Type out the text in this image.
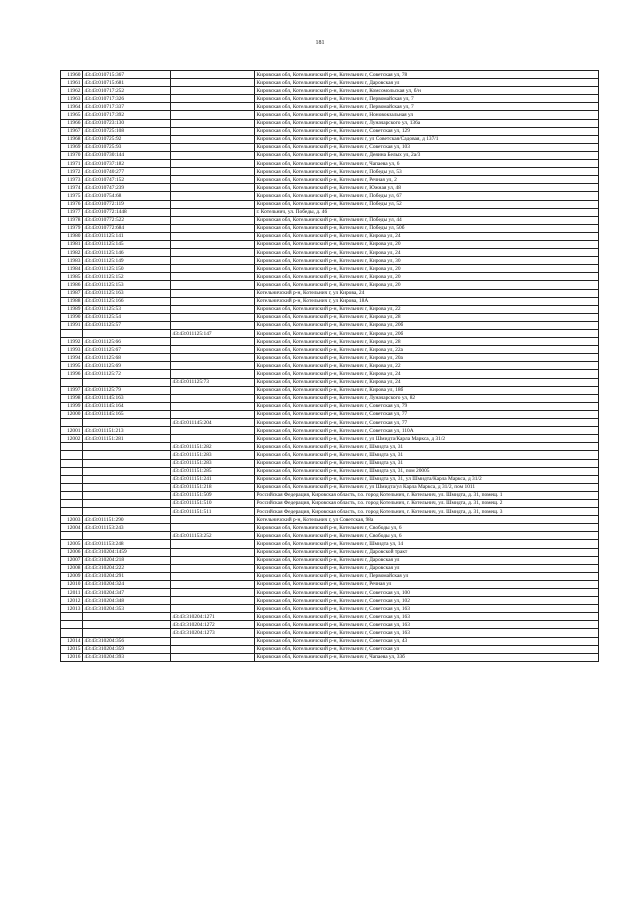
181
11960	43:43:010715:367		Кировская обл, Котельничский р-н, Котельнич г, Советская ул, 78
11961	43:43:010715:681		Кировская обл, Котельничский р-н, Котельнич г, Даровская ул
11962	43:43:010717:252		Кировская обл, Котельничский р-н, Котельнич г, Комсомольская ул, б/н
11963	43:43:010717:326		Кировская обл, Котельничский р-н, Котельнич г, Первомайская ул, 7
11964	43:43:010717:337		Кировская обл, Котельничский р-н, Котельнич г, Первомайская ул, 7
11965	43:43:010717:392		Кировская обл, Котельничский р-н, Котельнич г, Ноновокзальная ул
11966	43:43:010723:130		Кировская обл, Котельничский р-н, Котельнич г, Луначарского ул, 136а
11967	43:43:010725:108		Кировская обл, Котельничский р-н, Котельнич г, Советская ул, 129
11968	43:43:010725:92		Кировская обл, Котельничский р-н, Котельнич г, ул Советская/Садовая, д 137/1
11969	43:43:010725:93		Кировская обл, Котельничский р-н, Котельнич г, Советская ул, 103
11970	43:43:010730:144		Кировская обл, Котельничский р-н, Котельнич г, Деяина Белых ул, 2а/3
11971	43:43:010737:182		Кировская обл, Котельничский р-н, Котельнич г, Чапаева ул, 6
11972	43:43:010740:277		Кировская обл, Котельничский р-н, Котельнич г, Победы ул, 53
11973	43:43:010747:152		Кировская обл, Котельничский р-н, Котельнич г, Речная ул, 2
11974	43:43:010747:239		Кировская обл, Котельничский р-н, Котельнич г, Южная ул, 48
11975	43:43:010754:68		Кировская обл, Котельничский р-н, Котельнич г, Победы ул, 67
11976	43:43:010772:119		Кировская обл, Котельничский р-н, Котельнич г, Победы ул, 52
11977	43:43:010772:1448		г. Котельнич, ул. Победы, д. 46
11978	43:43:010772:522		Кировская обл, Котельничский р-н, Котельнич г, Победы ул, 44
11979	43:43:010772:684		Кировская обл, Котельничский р-н, Котельнич г, Победы ул, 50б
11980	43:43:011125:141		Кировская обл, Котельничский р-н, Котельнич г, Кирова ул, 24
11981	43:43:011125:145		Кировская обл, Котельничский р-н, Котельнич г, Кирова ул, 20
11982	43:43:011125:146		Кировская обл, Котельничский р-н, Котельнич г, Кирова ул, 24
11983	43:43:011125:149		Кировская обл, Котельничский р-н, Котельнич г, Кирова ул, 30
11984	43:43:011125:150		Кировская обл, Котельничский р-н, Котельнич г, Кирова ул, 20
11985	43:43:011125:152		Кировская обл, Котельничский р-н, Котельнич г, Кирова ул, 20
11986	43:43:011125:153		Кировская обл, Котельничский р-н, Котельнич г, Кирова ул, 20
11987	43:43:011125:163		Котельничский р-н, Котельнич г, ул Кирова, 24
11988	43:43:011125:166		Котельничский р-н, Котельнич г, ул Кирова, 18А
11989	43:43:011125:53		Кировская обл, Котельничский р-н, Котельнич г, Кирова ул, 22
11990	43:43:011125:54		Кировская обл, Котельничский р-н, Котельнич г, Кирова ул, 28
11991	43:43:011125:57		Кировская обл, Котельничский р-н, Котельнич г, Кирова ул, 20б
		43:43:011125:147	Кировская обл, Котельничский р-н, Котельнич г, Кирова ул, 20б
11992	43:43:011125:66		Кировская обл, Котельничский р-н, Котельнич г, Кирова ул, 28
11993	43:43:011125:67		Кировская обл, Котельничский р-н, Котельнич г, Кирова ул, 22а
11994	43:43:011125:68		Кировская обл, Котельничский р-н, Котельнич г, Кирова ул, 20а
11995	43:43:011125:69		Кировская обл, Котельничский р-н, Котельнич г, Кирова ул, 22
11996	43:43:011125:72		Кировская обл, Котельничский р-н, Котельнич г, Кирова ул, 24
		43:43:011125:73	Кировская обл, Котельничский р-н, Котельнич г, Кирова ул, 24
11997	43:43:011125:79		Кировская обл, Котельничский р-н, Котельнич г, Кирова ул, 18б
11998	43:43:011145:163		Кировская обл, Котельничский р-н, Котельнич г, Луначарского ул, 82
11999	43:43:011145:164		Кировская обл, Котельничский р-н, Котельнич г, Советская ул, 79
12000	43:43:011145:165		Кировская обл, Котельничский р-н, Котельнич г, Советская ул, 77
		43:43:011145:204	Кировская обл, Котельничский р-н, Котельнич г, Советская ул, 77
12001	43:43:011151:213		Кировская обл, Котельничский р-н, Котельнич г, Советская ул, 110А
12002	43:43:011151:281		Кировская обл, Котельничский р-н, Котельнич г, ул Шмидта/Карла Маркса, д 31/2
		43:43:011151:282	Кировская обл, Котельничский р-н, Котельнич г, Шмидта ул, 31
		43:43:011151:283	Кировская обл, Котельничский р-н, Котельнич г, Шмидта ул, 31
		43:43:011151:283	Кировская обл, Котельничский р-н, Котельнич г, Шмидта ул, 31
		43:43:011151:285	Кировская обл, Котельничский р-н, Котельнич г, Шмидта ул, 31, пом 20005
		43:43:011151:241	Кировская обл, Котельничский р-н, Котельнич г, Шмидта ул, 31, ул Шмидта/Карла Маркса, д 31/2
		43:43:011151:218	Кировская обл, Котельничский р-н, Котельнич г, ул Шмидта/ул Карла Маркса, д 31/2, пом 1011
		43:43:011151:509	Российская Федерация, Кировская область, г.о. город Котельнич, г. Котельнич, ул. Шмидта, д. 31, помещ. 1
		43:43:011151:510	Российская Федерация, Кировская область, г.о. город Котельнич, г. Котельнич, ул. Шмидта, д. 31, помещ. 2
		43:43:011151:511	Российская Федерация, Кировская область, г.о. город Котельнич, г. Котельнич, ул. Шмидта, д. 31, помещ. 3
12003	43:43:011151:290		Котельничский р-н, Котельнич г, ул Советская, 98а
12004	43:43:011153:243		Кировская обл, Котельничский р-н, Котельнич г, Свободы ул, 6
		43:43:011153:252	Кировская обл, Котельничский р-н, Котельнич г, Свободы ул, 6
12005	43:43:011153:248		Кировская обл, Котельничский р-н, Котельнич г, Шмидта ул, 14
12006	43:43:310204:1459		Кировская обл, Котельничский р-н, Котельнич г, Даровской тракт
12007	43:43:310204:218		Кировская обл, Котельничский р-н, Котельнич г, Даровская ул
12008	43:43:310204:222		Кировская обл, Котельничский р-н, Котельнич г, Даровская ул
12009	43:43:310204:291		Кировская обл, Котельничский р-н, Котельнич г, Первомайская ул
12010	43:43:310204:324		Кировская обл, Котельничский р-н, Котельнич г, Речная ул
12011	43:43:310204:347		Кировская обл, Котельничский р-н, Котельнич г, Советская ул, 100
12012	43:43:310204:348		Кировская обл, Котельничский р-н, Котельнич г, Советская ул, 102
12013	43:43:310204:353		Кировская обл, Котельничский р-н, Котельнич г, Советская ул, 163
		43:43:310204:1271	Кировская обл, Котельничский р-н, Котельнич г, Советская ул, 163
		43:43:310204:1272	Кировская обл, Котельничский р-н, Котельнич г, Советская ул, 163
		43:43:310204:1273	Кировская обл, Котельничский р-н, Котельнич г, Советская ул, 163
12014	43:43:310204:356		Кировская обл, Котельничский р-н, Котельнич г, Советская ул, 43
12015	43:43:310204:359		Кировская обл, Котельничский р-н, Котельнич г, Советская ул
12016	43:43:310204:393		Кировская обл, Котельничский р-н, Котельнич г, Чапаева ул, 33б
